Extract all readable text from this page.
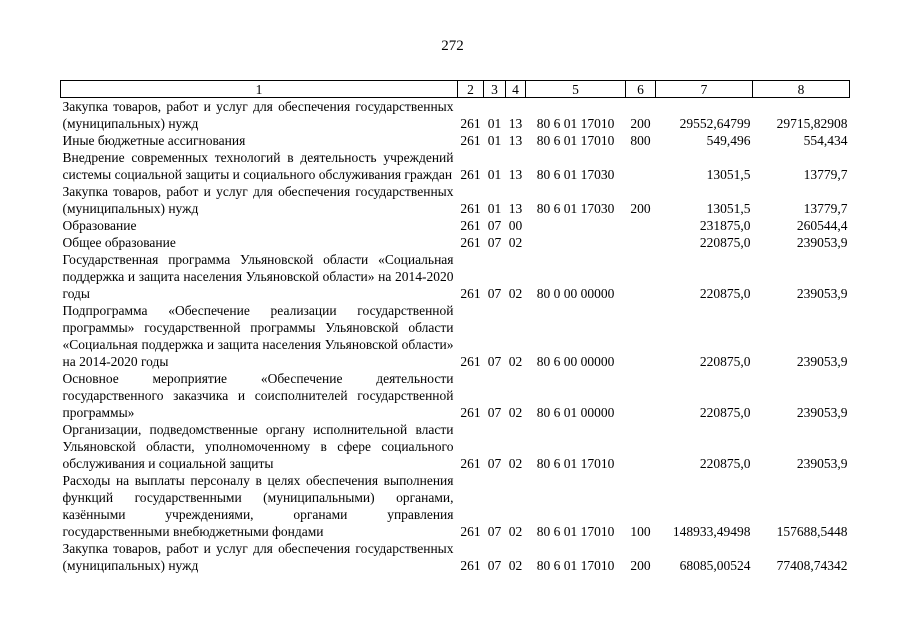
272
1	2	3	4	5	6	7	8
Закупка товаров, работ и услуг для обеспечения государственных (муниципальных) нужд	261	01	13	80 6 01 17010	200	29552,64799	29715,82908
Иные бюджетные ассигнования	261	01	13	80 6 01 17010	800	549,496	554,434
Внедрение современных технологий в деятельность учреждений системы социальной защиты и социального обслуживания граждан	261	01	13	80 6 01 17030		13051,5	13779,7
Закупка товаров, работ и услуг для обеспечения государственных (муниципальных) нужд	261	01	13	80 6 01 17030	200	13051,5	13779,7
Образование	261	07	00			231875,0	260544,4
Общее образование	261	07	02			220875,0	239053,9
Государственная программа Ульяновской области «Социальная поддержка и защита населения Ульяновской области» на 2014-2020 годы	261	07	02	80 0 00 00000		220875,0	239053,9
Подпрограмма «Обеспечение реализации государственной программы» государственной программы Ульяновской области «Социальная поддержка и защита населения Ульяновской области» на 2014-2020 годы	261	07	02	80 6 00 00000		220875,0	239053,9
Основное мероприятие «Обеспечение деятельности государственного заказчика и соисполнителей государственной программы»	261	07	02	80 6 01 00000		220875,0	239053,9
Организации, подведомственные органу исполнительной власти Ульяновской области, уполномоченному в сфере социального обслуживания и социальной защиты	261	07	02	80 6 01 17010		220875,0	239053,9
Расходы на выплаты персоналу в целях обеспечения выполнения функций государственными (муниципальными) органами, казёнными учреждениями, органами управления государственными внебюджетными фондами	261	07	02	80 6 01 17010	100	148933,49498	157688,5448
Закупка товаров, работ и услуг для обеспечения государственных (муниципальных) нужд	261	07	02	80 6 01 17010	200	68085,00524	77408,74342
